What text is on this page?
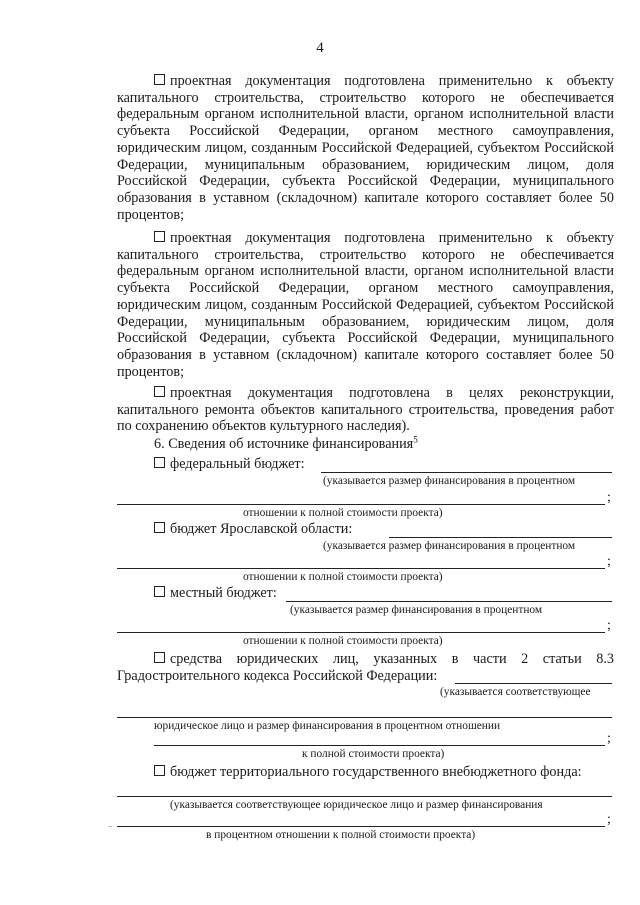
4
проектная документация подготовлена применительно к объекту капитального строительства, строительство которого не обеспечивается федеральным органом исполнительной власти, органом исполнительной власти субъекта Российской Федерации, органом местного самоуправления, юридическим лицом, созданным Российской Федерацией, субъектом Российской Федерации, муниципальным образованием, юридическим лицом, доля Российской Федерации, субъекта Российской Федерации, муниципального образования в уставном (складочном) капитале которого составляет более 50 процентов;
проектная документация подготовлена применительно к объекту капитального строительства, строительство которого не обеспечивается федеральным органом исполнительной власти, органом исполнительной власти субъекта Российской Федерации, органом местного самоуправления, юридическим лицом, созданным Российской Федерацией, субъектом Российской Федерации, муниципальным образованием, юридическим лицом, доля Российской Федерации, субъекта Российской Федерации, муниципального образования в уставном (складочном) капитале которого составляет более 50 процентов;
проектная документация подготовлена в целях реконструкции, капитального ремонта объектов капитального строительства, проведения работ по сохранению объектов культурного наследия).
6. Сведения об источнике финансирования$^5$
федеральный бюджет:
(указывается размер финансирования в процентном
;
отношении к полной стоимости проекта)
бюджет Ярославской области:
(указывается размер финансирования в процентном
;
отношении к полной стоимости проекта)
местный бюджет:
(указывается размер финансирования в процентном
;
отношении к полной стоимости проекта)
средства юридических лиц, указанных в части 2 статьи 8.3 Градостроительного кодекса Российской Федерации:
(указывается соответствующее
юридическое лицо и размер финансирования в процентном отношении
;
к полной стоимости проекта)
бюджет территориального государственного внебюджетного фонда:
(указывается соответствующее юридическое лицо и размер финансирования
;
в процентном отношении к полной стоимости проекта)
